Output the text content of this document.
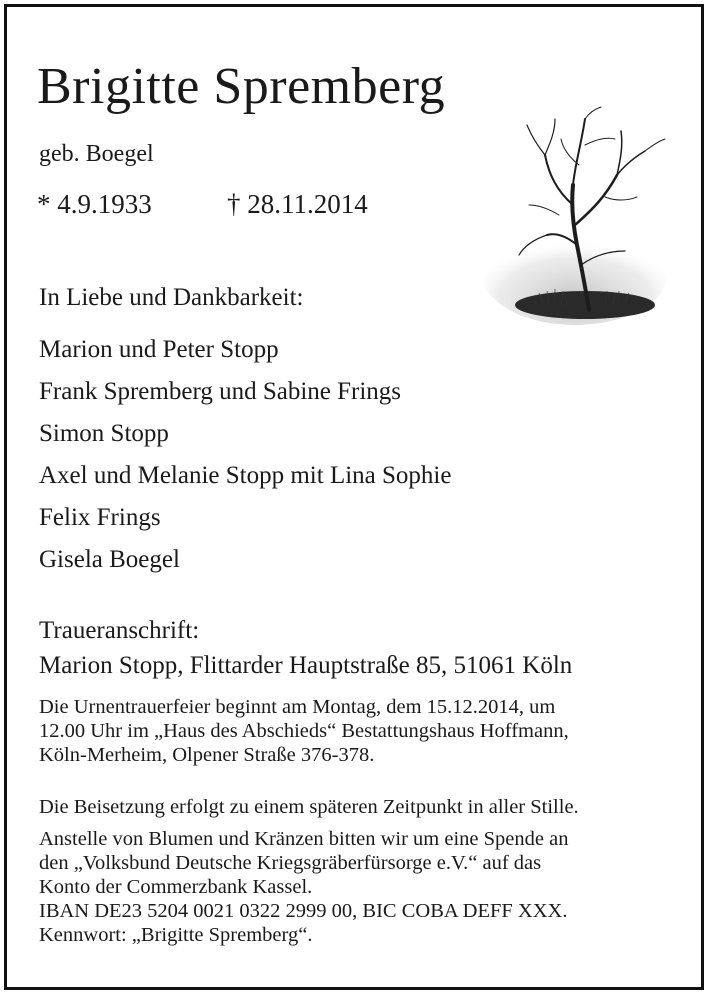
Brigitte Spremberg
geb. Boegel
* 4.9.1933	† 28.11.2014
In Liebe und Dankbarkeit:
Marion und Peter Stopp
Frank Spremberg und Sabine Frings
Simon Stopp
Axel und Melanie Stopp mit Lina Sophie
Felix Frings
Gisela Boegel
Traueranschrift:
Marion Stopp, Flittarder Hauptstraße 85, 51061 Köln
Die Urnentrauerfeier beginnt am Montag, dem 15.12.2014, um
12.00 Uhr im „Haus des Abschieds“ Bestattungshaus Hoffmann,
Köln-Merheim, Olpener Straße 376-378.
Die Beisetzung erfolgt zu einem späteren Zeitpunkt in aller Stille.
Anstelle von Blumen und Kränzen bitten wir um eine Spende an
den „Volksbund Deutsche Kriegsgräberfürsorge e.V.“ auf das
Konto der Commerzbank Kassel.
IBAN DE23 5204 0021 0322 2999 00, BIC COBA DEFF XXX.
Kennwort: „Brigitte Spremberg“.
